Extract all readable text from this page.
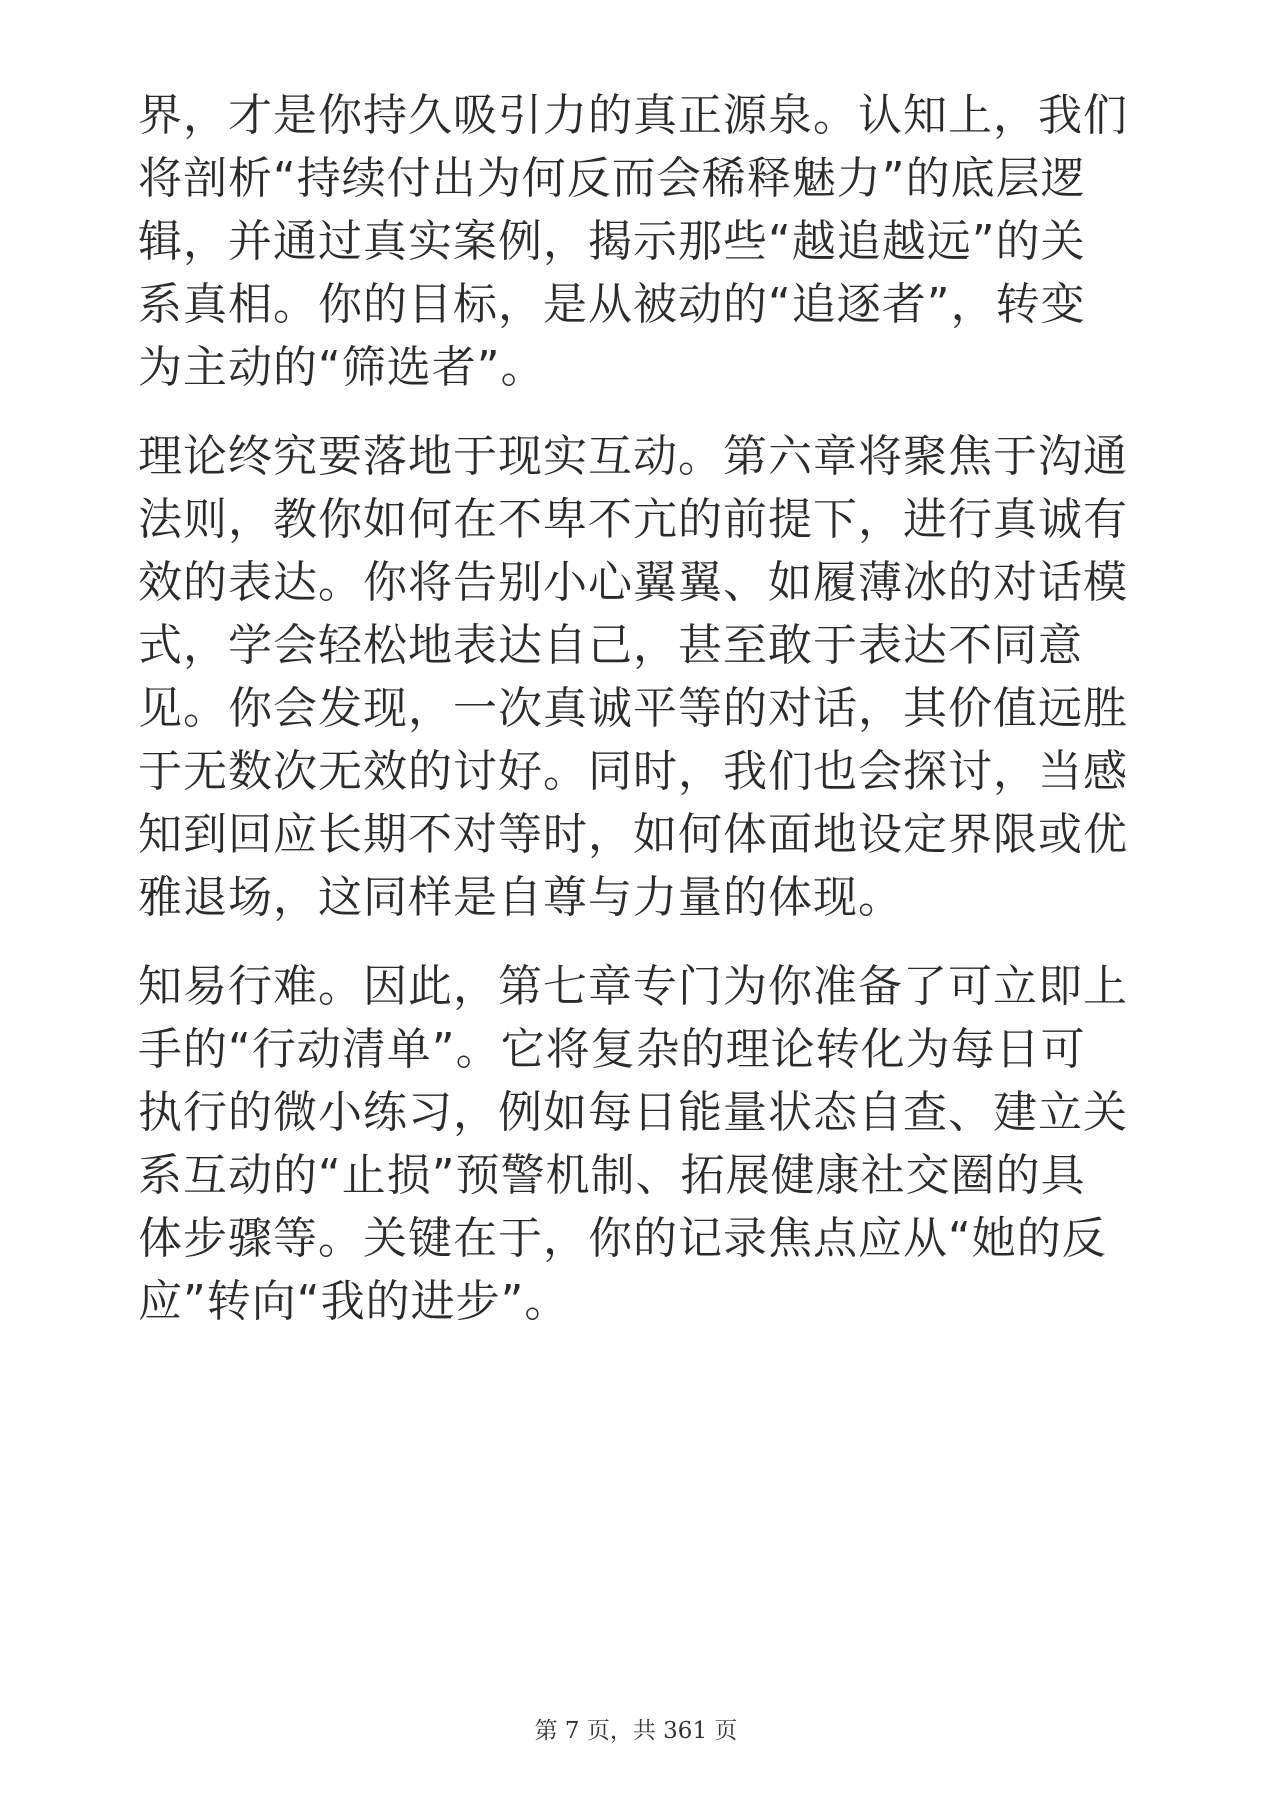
界，才是你持久吸引力的真正源泉。认知上，我们
将剖析“持续付出为何反而会稀释魅力”的底层逻
辑，并通过真实案例，揭示那些“越追越远”的关
系真相。你的目标，是从被动的“追逐者”，转变
为主动的“筛选者”。
理论终究要落地于现实互动。第六章将聚焦于沟通
法则，教你如何在不卑不亢的前提下，进行真诚有
效的表达。你将告别小心翼翼、如履薄冰的对话模
式，学会轻松地表达自己，甚至敢于表达不同意
见。你会发现，一次真诚平等的对话，其价值远胜
于无数次无效的讨好。同时，我们也会探讨，当感
知到回应长期不对等时，如何体面地设定界限或优
雅退场，这同样是自尊与力量的体现。
知易行难。因此，第七章专门为你准备了可立即上
手的“行动清单”。它将复杂的理论转化为每日可
执行的微小练习，例如每日能量状态自查、建立关
系互动的“止损”预警机制、拓展健康社交圈的具
体步骤等。关键在于，你的记录焦点应从“她的反
应”转向“我的进步”。
第 7 页，共 361 页
